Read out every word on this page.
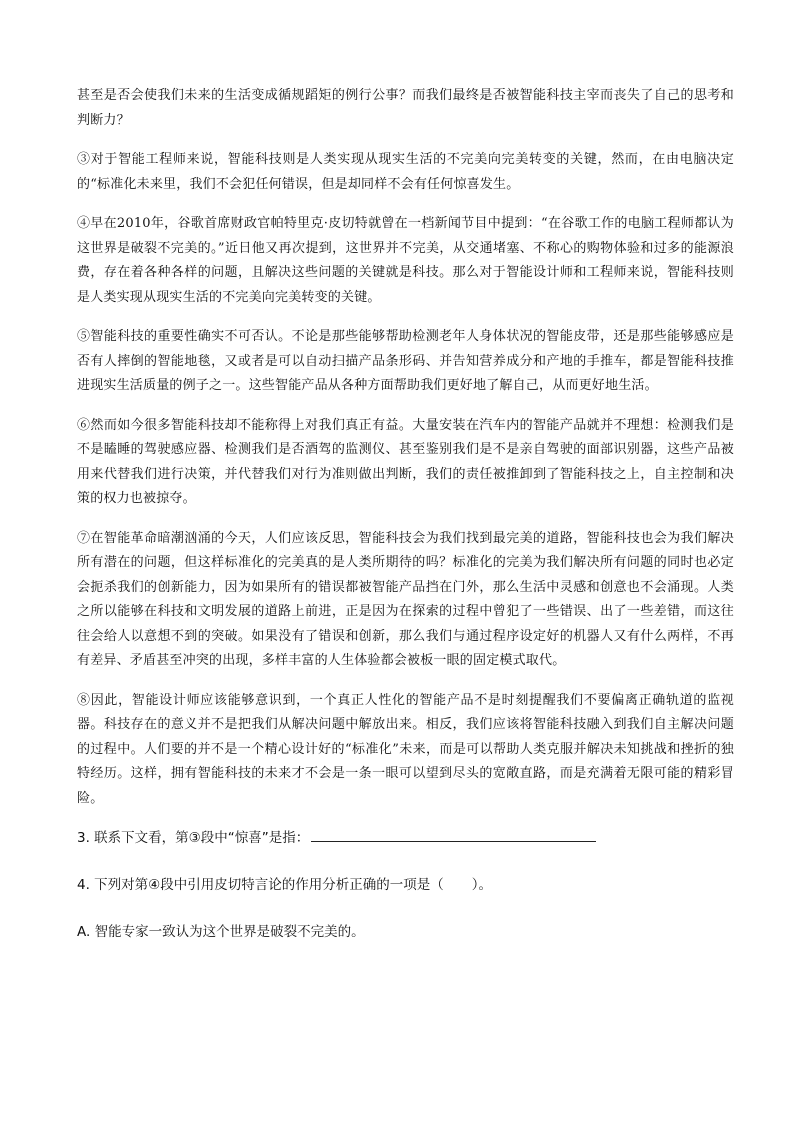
甚至是否会使我们未来的生活变成循规蹈矩的例行公事？而我们最终是否被智能科技主宰而丧失了自己的思考和判断力？

③对于智能工程师来说，智能科技则是人类实现从现实生活的不完美向完美转变的关键，然而，在由电脑决定的“标准化未来里，我们不会犯任何错误，但是却同样不会有任何惊喜发生。

④早在2010年，谷歌首席财政官帕特里克·皮切特就曾在一档新闻节目中提到：“在谷歌工作的电脑工程师都认为这世界是破裂不完美的。”近日他又再次提到，这世界并不完美，从交通堵塞、不称心的购物体验和过多的能源浪费，存在着各种各样的问题，且解决这些问题的关键就是科技。那么对于智能设计师和工程师来说，智能科技则是人类实现从现实生活的不完美向完美转变的关键。

⑤智能科技的重要性确实不可否认。不论是那些能够帮助检测老年人身体状况的智能皮带，还是那些能够感应是否有人摔倒的智能地毯，又或者是可以自动扫描产品条形码、并告知营养成分和产地的手推车，都是智能科技推进现实生活质量的例子之一。这些智能产品从各种方面帮助我们更好地了解自己，从而更好地生活。

⑥然而如今很多智能科技却不能称得上对我们真正有益。大量安装在汽车内的智能产品就并不理想：检测我们是不是瞌睡的驾驶感应器、检测我们是否酒驾的监测仪、甚至鉴别我们是不是亲自驾驶的面部识别器，这些产品被用来代替我们进行决策，并代替我们对行为准则做出判断，我们的责任被推卸到了智能科技之上，自主控制和决策的权力也被掠夺。

⑦在智能革命暗潮汹涌的今天，人们应该反思，智能科技会为我们找到最完美的道路，智能科技也会为我们解决所有潜在的问题，但这样标准化的完美真的是人类所期待的吗？标准化的完美为我们解决所有问题的同时也必定会扼杀我们的创新能力，因为如果所有的错误都被智能产品挡在门外，那么生活中灵感和创意也不会涌现。人类之所以能够在科技和文明发展的道路上前进，正是因为在探索的过程中曾犯了一些错误、出了一些差错，而这往往会给人以意想不到的突破。如果没有了错误和创新，那么我们与通过程序设定好的机器人又有什么两样，不再有差异、矛盾甚至冲突的出现，多样丰富的人生体验都会被板一眼的固定模式取代。

⑧因此，智能设计师应该能够意识到，一个真正人性化的智能产品不是时刻提醒我们不要偏离正确轨道的监视器。科技存在的意义并不是把我们从解决问题中解放出来。相反，我们应该将智能科技融入到我们自主解决问题的过程中。人们要的并不是一个精心设计好的“标准化”未来，而是可以帮助人类克服并解决未知挑战和挫折的独特经历。这样，拥有智能科技的未来才不会是一条一眼可以望到尽头的宽敞直路，而是充满着无限可能的精彩冒险。

3. 联系下文看，第③段中“惊喜”是指：
4. 下列对第④段中引用皮切特言论的作用分析正确的一项是（ ）。
A. 智能专家一致认为这个世界是破裂不完美的。
